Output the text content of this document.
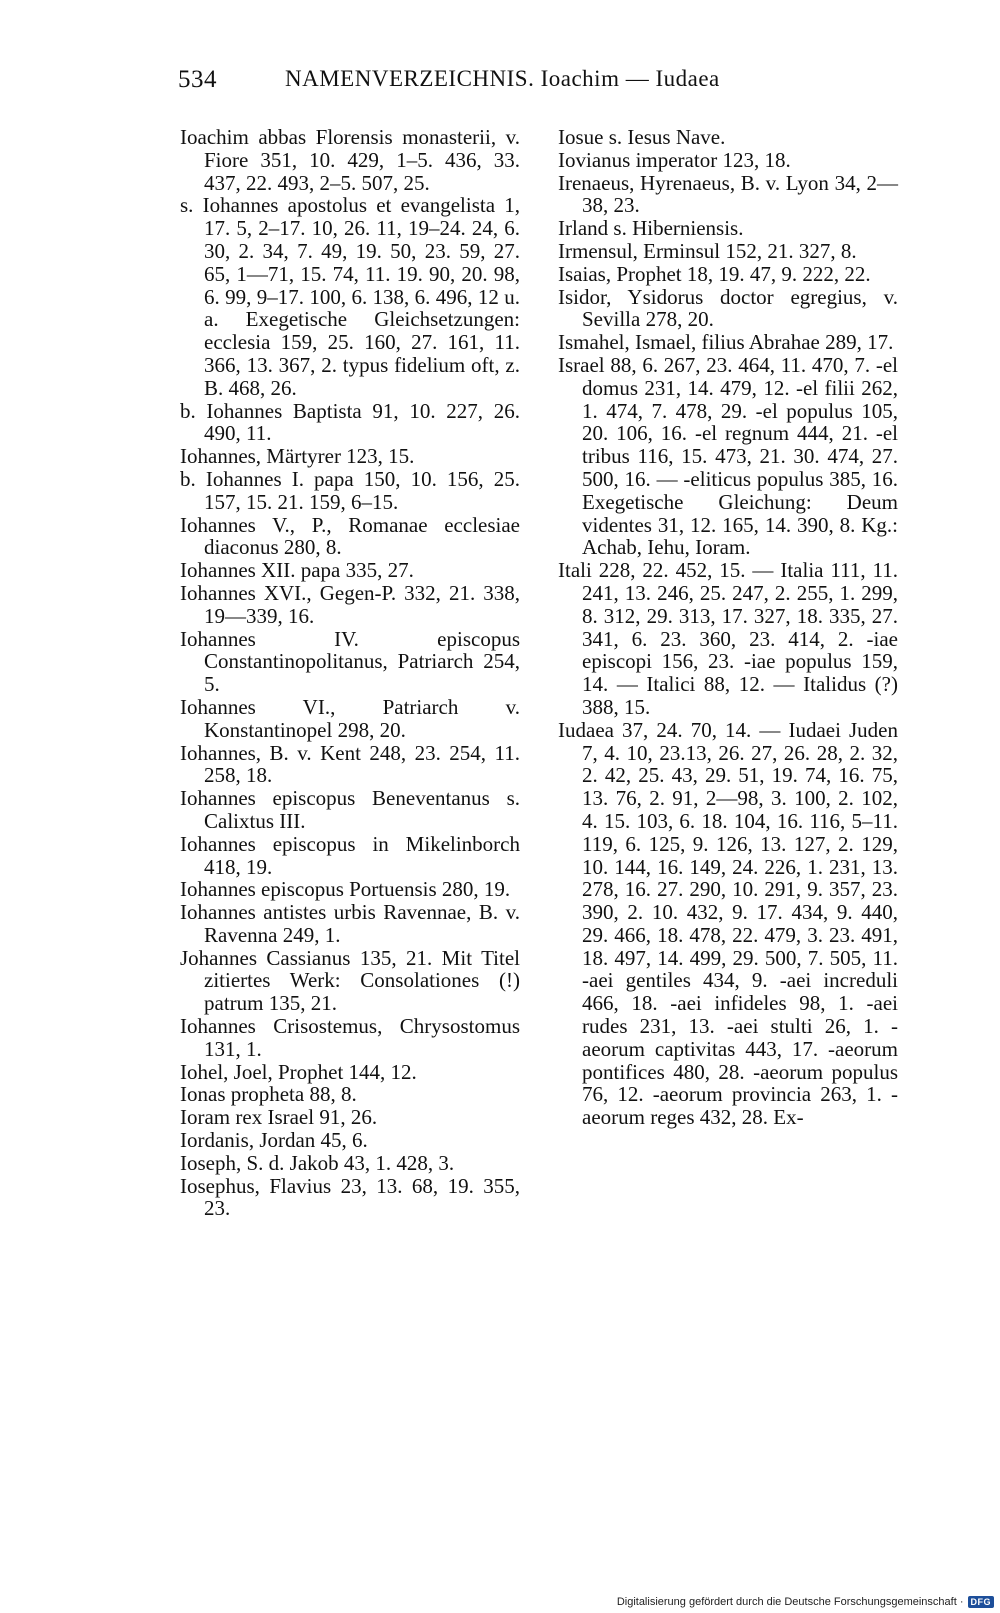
534	NAMENVERZEICHNIS. Ioachim — Iudaea

Ioachim abbas Florensis monasterii, v. Fiore 351, 10. 429, 1–5. 436, 33. 437, 22. 493, 2–5. 507, 25.

s. Iohannes apostolus et evangelista 1, 17. 5, 2–17. 10, 26. 11, 19–24. 24, 6. 30, 2. 34, 7. 49, 19. 50, 23. 59, 27. 65, 1—71, 15. 74, 11. 19. 90, 20. 98, 6. 99, 9–17. 100, 6. 138, 6. 496, 12 u. a. Exegetische Gleichsetzungen: ecclesia 159, 25. 160, 27. 161, 11. 366, 13. 367, 2. typus fidelium oft, z. B. 468, 26.

b. Iohannes Baptista 91, 10. 227, 26. 490, 11.

Iohannes, Märtyrer 123, 15.

b. Iohannes I. papa 150, 10. 156, 25. 157, 15. 21. 159, 6–15.

Iohannes V., P., Romanae ecclesiae diaconus 280, 8.

Iohannes XII. papa 335, 27.

Iohannes XVI., Gegen-P. 332, 21. 338, 19—339, 16.

Iohannes IV. episcopus Constantinopolitanus, Patriarch 254, 5.

Iohannes VI., Patriarch v. Konstantinopel 298, 20.

Iohannes, B. v. Kent 248, 23. 254, 11. 258, 18.

Iohannes episcopus Beneventanus s. Calixtus III.

Iohannes episcopus in Mikelinborch 418, 19.

Iohannes episcopus Portuensis 280, 19.

Iohannes antistes urbis Ravennae, B. v. Ravenna 249, 1.

Johannes Cassianus 135, 21. Mit Titel zitiertes Werk: Consolationes (!) patrum 135, 21.

Iohannes Crisostemus, Chrysostomus 131, 1.

Iohel, Joel, Prophet 144, 12.

Ionas propheta 88, 8.

Ioram rex Israel 91, 26.

Iordanis, Jordan 45, 6.

Ioseph, S. d. Jakob 43, 1. 428, 3.

Iosephus, Flavius 23, 13. 68, 19. 355, 23.

Iosue s. Iesus Nave.

Iovianus imperator 123, 18.

Irenaeus, Hyrenaeus, B. v. Lyon 34, 2—38, 23.

Irland s. Hiberniensis.

Irmensul, Erminsul 152, 21. 327, 8.

Isaias, Prophet 18, 19. 47, 9. 222, 22.

Isidor, Ysidorus doctor egregius, v. Sevilla 278, 20.

Ismahel, Ismael, filius Abrahae 289, 17.

Israel 88, 6. 267, 23. 464, 11. 470, 7. -el domus 231, 14. 479, 12. -el filii 262, 1. 474, 7. 478, 29. -el populus 105, 20. 106, 16. -el regnum 444, 21. -el tribus 116, 15. 473, 21. 30. 474, 27. 500, 16. — -eliticus populus 385, 16. Exegetische Gleichung: Deum videntes 31, 12. 165, 14. 390, 8. Kg.: Achab, Iehu, Ioram.

Itali 228, 22. 452, 15. — Italia 111, 11. 241, 13. 246, 25. 247, 2. 255, 1. 299, 8. 312, 29. 313, 17. 327, 18. 335, 27. 341, 6. 23. 360, 23. 414, 2. -iae episcopi 156, 23. -iae populus 159, 14. — Italici 88, 12. — Italidus (?) 388, 15.

Iudaea 37, 24. 70, 14. — Iudaei Juden 7, 4. 10, 23.13, 26. 27, 26. 28, 2. 32, 2. 42, 25. 43, 29. 51, 19. 74, 16. 75, 13. 76, 2. 91, 2—98, 3. 100, 2. 102, 4. 15. 103, 6. 18. 104, 16. 116, 5–11. 119, 6. 125, 9. 126, 13. 127, 2. 129, 10. 144, 16. 149, 24. 226, 1. 231, 13. 278, 16. 27. 290, 10. 291, 9. 357, 23. 390, 2. 10. 432, 9. 17. 434, 9. 440, 29. 466, 18. 478, 22. 479, 3. 23. 491, 18. 497, 14. 499, 29. 500, 7. 505, 11. -aei gentiles 434, 9. -aei increduli 466, 18. -aei infideles 98, 1. -aei rudes 231, 13. -aei stulti 26, 1. -aeorum captivitas 443, 17. -aeorum pontifices 480, 28. -aeorum populus 76, 12. -aeorum provincia 263, 1. -aeorum reges 432, 28. Ex-

Digitalisierung gefördert durch die Deutsche Forschungsgemeinschaft · DFG
